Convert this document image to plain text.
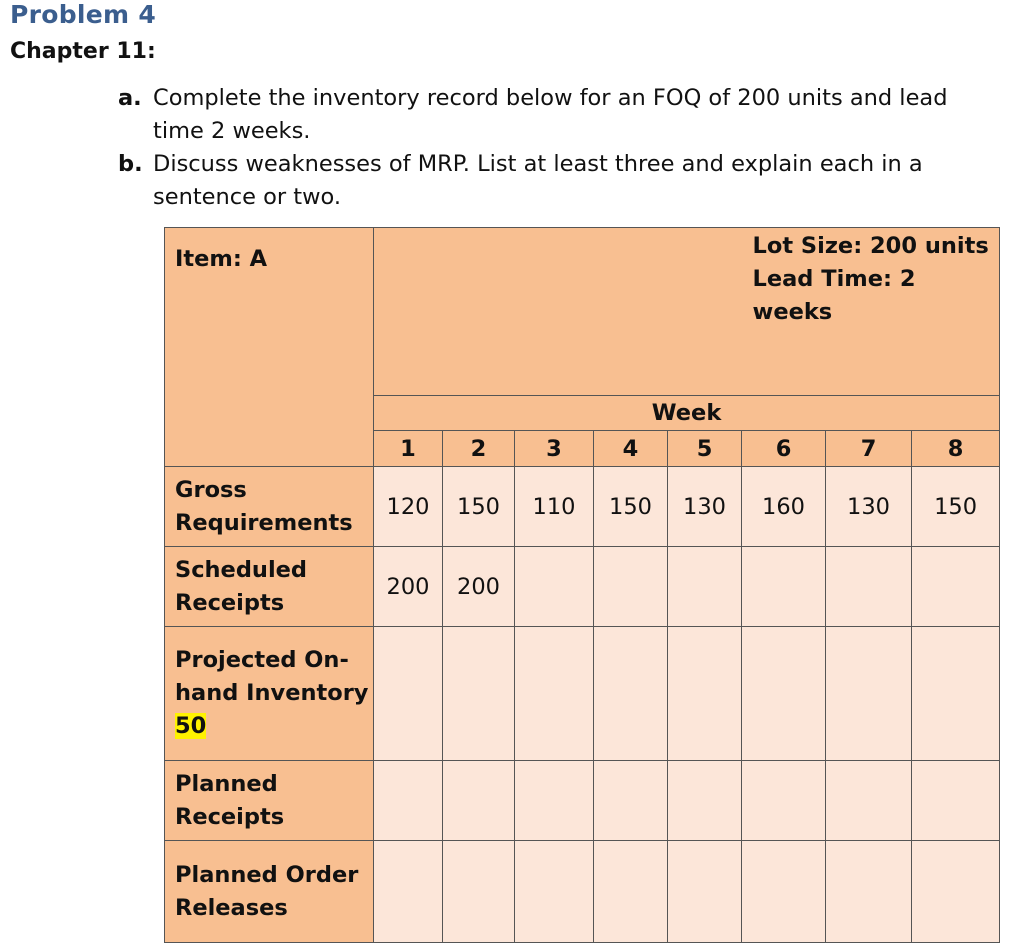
Problem 4
Chapter 11:
a. Complete the inventory record below for an FOQ of 200 units and lead time 2 weeks.
b. Discuss weaknesses of MRP. List at least three and explain each in a sentence or two.
Item: A						Lot Size: 200 units
Lead Time: 2 weeks		

	Week							
	1	2	3	4	5	6	7	8
Gross Requirements	120	150	110	150	130	160	130	150
Scheduled Receipts	200	200						
Projected On-hand Inventory
50								
Planned Receipts								
Planned Order Releases								
